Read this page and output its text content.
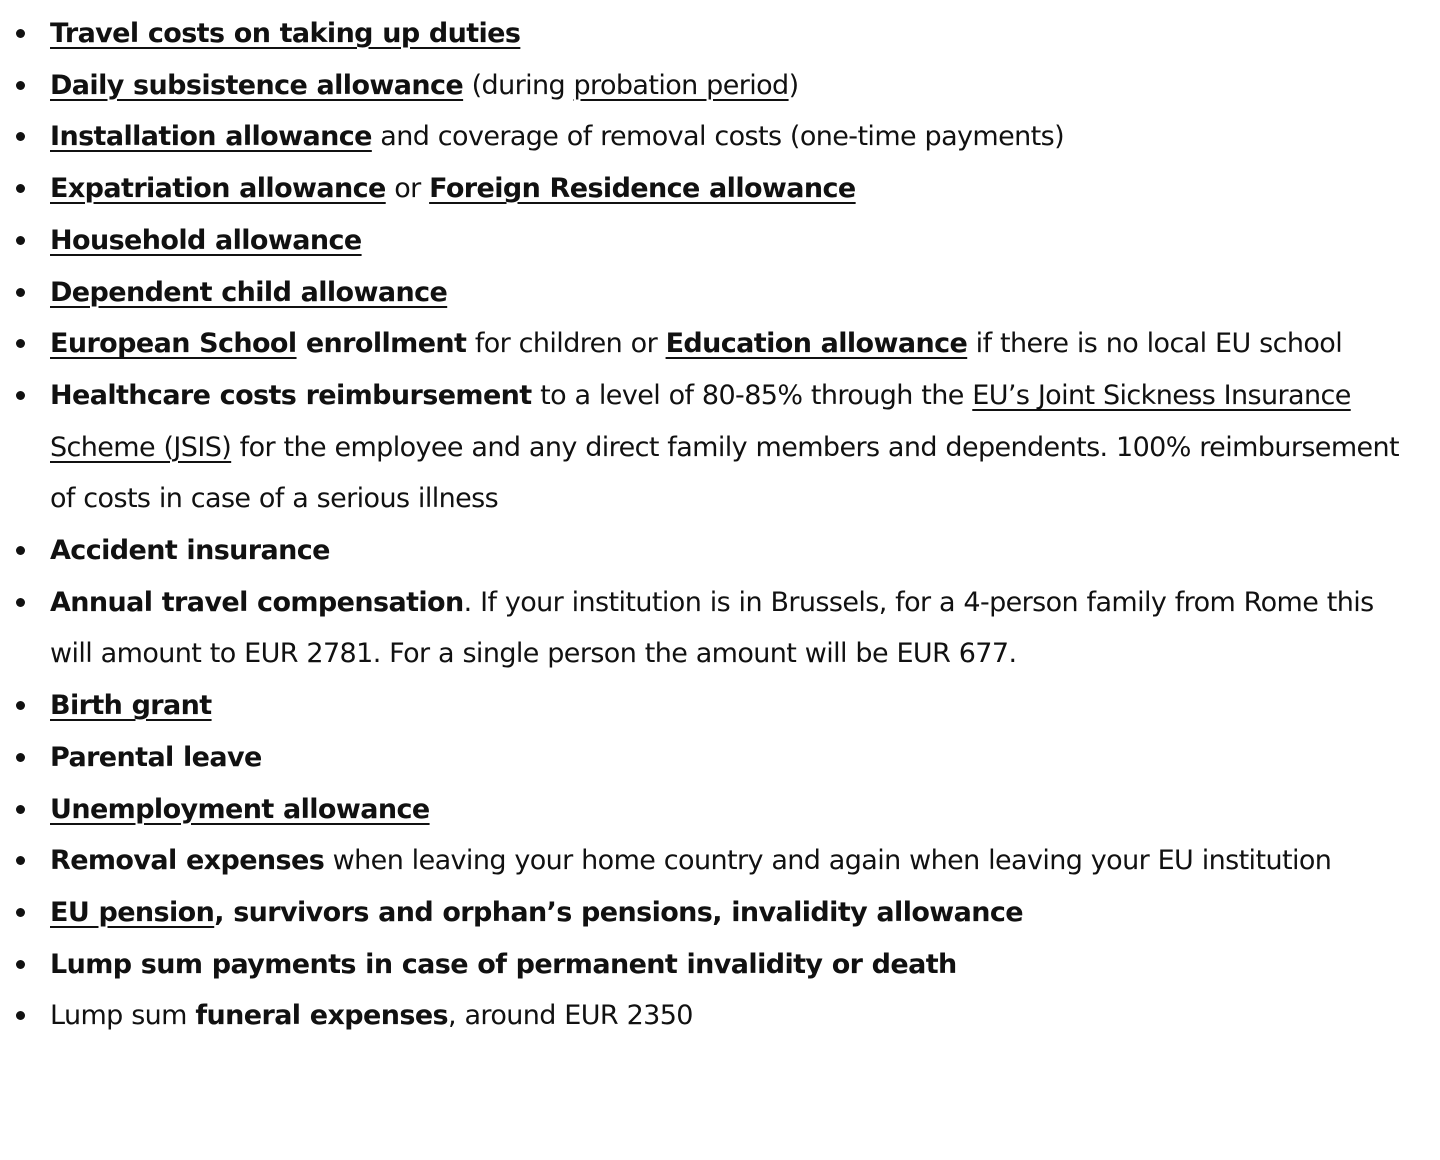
Travel costs on taking up duties
Daily subsistence allowance (during probation period)
Installation allowance and coverage of removal costs (one-time payments)
Expatriation allowance or Foreign Residence allowance
Household allowance
Dependent child allowance
European School enrollment for children or Education allowance if there is no local EU school
Healthcare costs reimbursement to a level of 80-85% through the EU’s Joint Sickness Insurance Scheme (JSIS) for the employee and any direct family members and dependents. 100% reimbursement of costs in case of a serious illness
Accident insurance
Annual travel compensation. If your institution is in Brussels, for a 4-person family from Rome this will amount to EUR 2781. For a single person the amount will be EUR 677.
Birth grant
Parental leave
Unemployment allowance
Removal expenses when leaving your home country and again when leaving your EU institution
EU pension, survivors and orphan’s pensions, invalidity allowance
Lump sum payments in case of permanent invalidity or death
Lump sum funeral expenses, around EUR 2350
